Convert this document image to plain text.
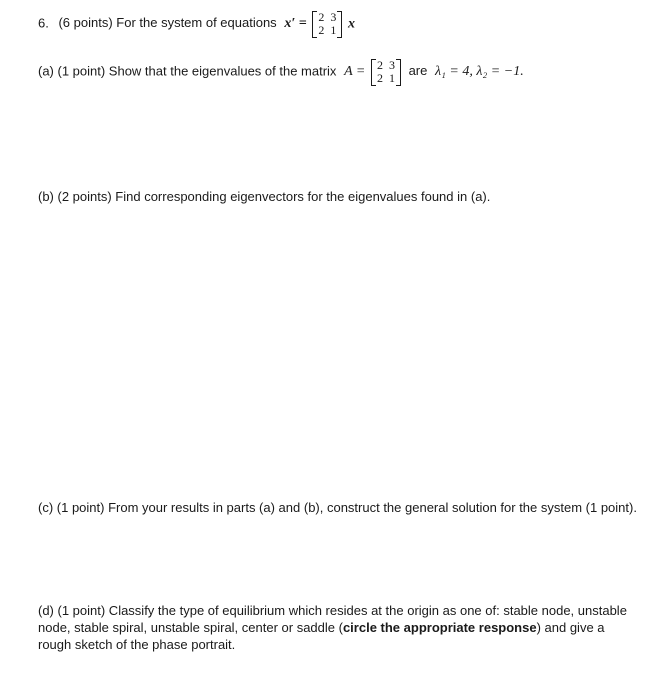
6. (6 points) For the system of equations x′ = 2 3
2 1 x
(a) (1 point) Show that the eigenvalues of the matrix A = 2 3
2 1 are λ₁ = 4, λ₂ = −1.
(b) (2 points) Find corresponding eigenvectors for the eigenvalues found in (a).
(c) (1 point) From your results in parts (a) and (b), construct the general solution for the system (1 point).
(d) (1 point) Classify the type of equilibrium which resides at the origin as one of: stable node, unstable node, stable spiral, unstable spiral, center or saddle (circle the appropriate response) and give a rough sketch of the phase portrait.
